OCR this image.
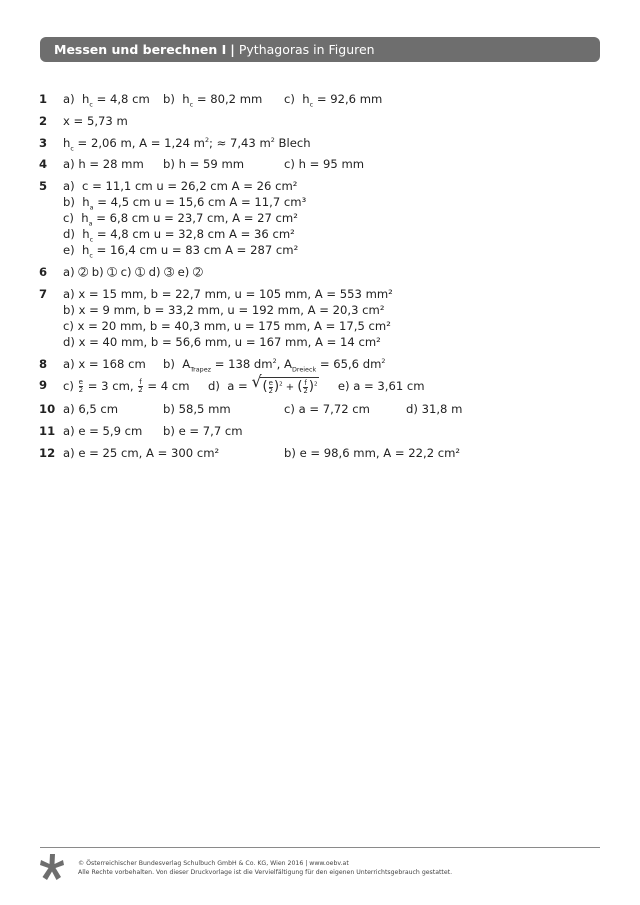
Messen und berechnen I | Pythagoras in Figuren
1	a) $h_c = 4,8$ cm b) $h_c = 80,2$ mm c) $h_c = 92,6$ mm
2	x = 5,73 m
3	$h_c = 2,06$ m, A = 1,24 $m^2$; ≈ 7,43 $m^2$ Blech
4	a) h = 28 mm b) h = 59 mm	c) h = 95 mm
5	a) c = 11,1 cm u = 26,2 cm A = 26 cm²
b) $h_a = 4,5$ cm u = 15,6 cm A = 11,7 cm³
c) $h_a = 6,8$ cm u = 23,7 cm, A = 27 cm²
d) $h_c = 4,8$ cm u = 32,8 cm A = 36 cm²
e) $h_c = 16,4$ cm u = 83 cm A = 287 cm²
6	a) ➁ b) ➀ c) ➀ d) ➂ e) ➁
7	a) x = 15 mm, b = 22,7 mm, u = 105 mm, A = 553 mm²
b) x = 9 mm, b = 33,2 mm, u = 192 mm, A = 20,3 cm²
c) x = 20 mm, b = 40,3 mm, u = 175 mm, A = 17,5 cm²
d) x = 40 mm, b = 56,6 mm, u = 167 mm, A = 14 cm²
8	a) x = 168 cm b) $A_{Trapez} = 138$ $dm^2$, $A_{Dreieck} = 65,6$ $dm^2$
9	$c) \frac{e}{2} = 3$ cm, $\frac{f}{2} = 4$ cm d) a = √ ( $\frac{e}{2} )^2$ + ( $\frac{f}{2} )^2$ e) a = 3,61 cm
10 a) 6,5 cm	b) 58,5 mm	c) a = 7,72 cm	d) 31,8 m
11 a) e = 5,9 cm b) e = 7,7 cm
12 a) e = 25 cm, A = 300 cm²	b) e = 98,6 mm, A = 22,2 cm²
© Österreichischer Bundesverlag Schulbuch GmbH & Co. KG, Wien 2016 | www.oebv.at
Alle Rechte vorbehalten. Von dieser Druckvorlage ist die Vervielfältigung für den eigenen Unterrichtsgebrauch gestattet.
